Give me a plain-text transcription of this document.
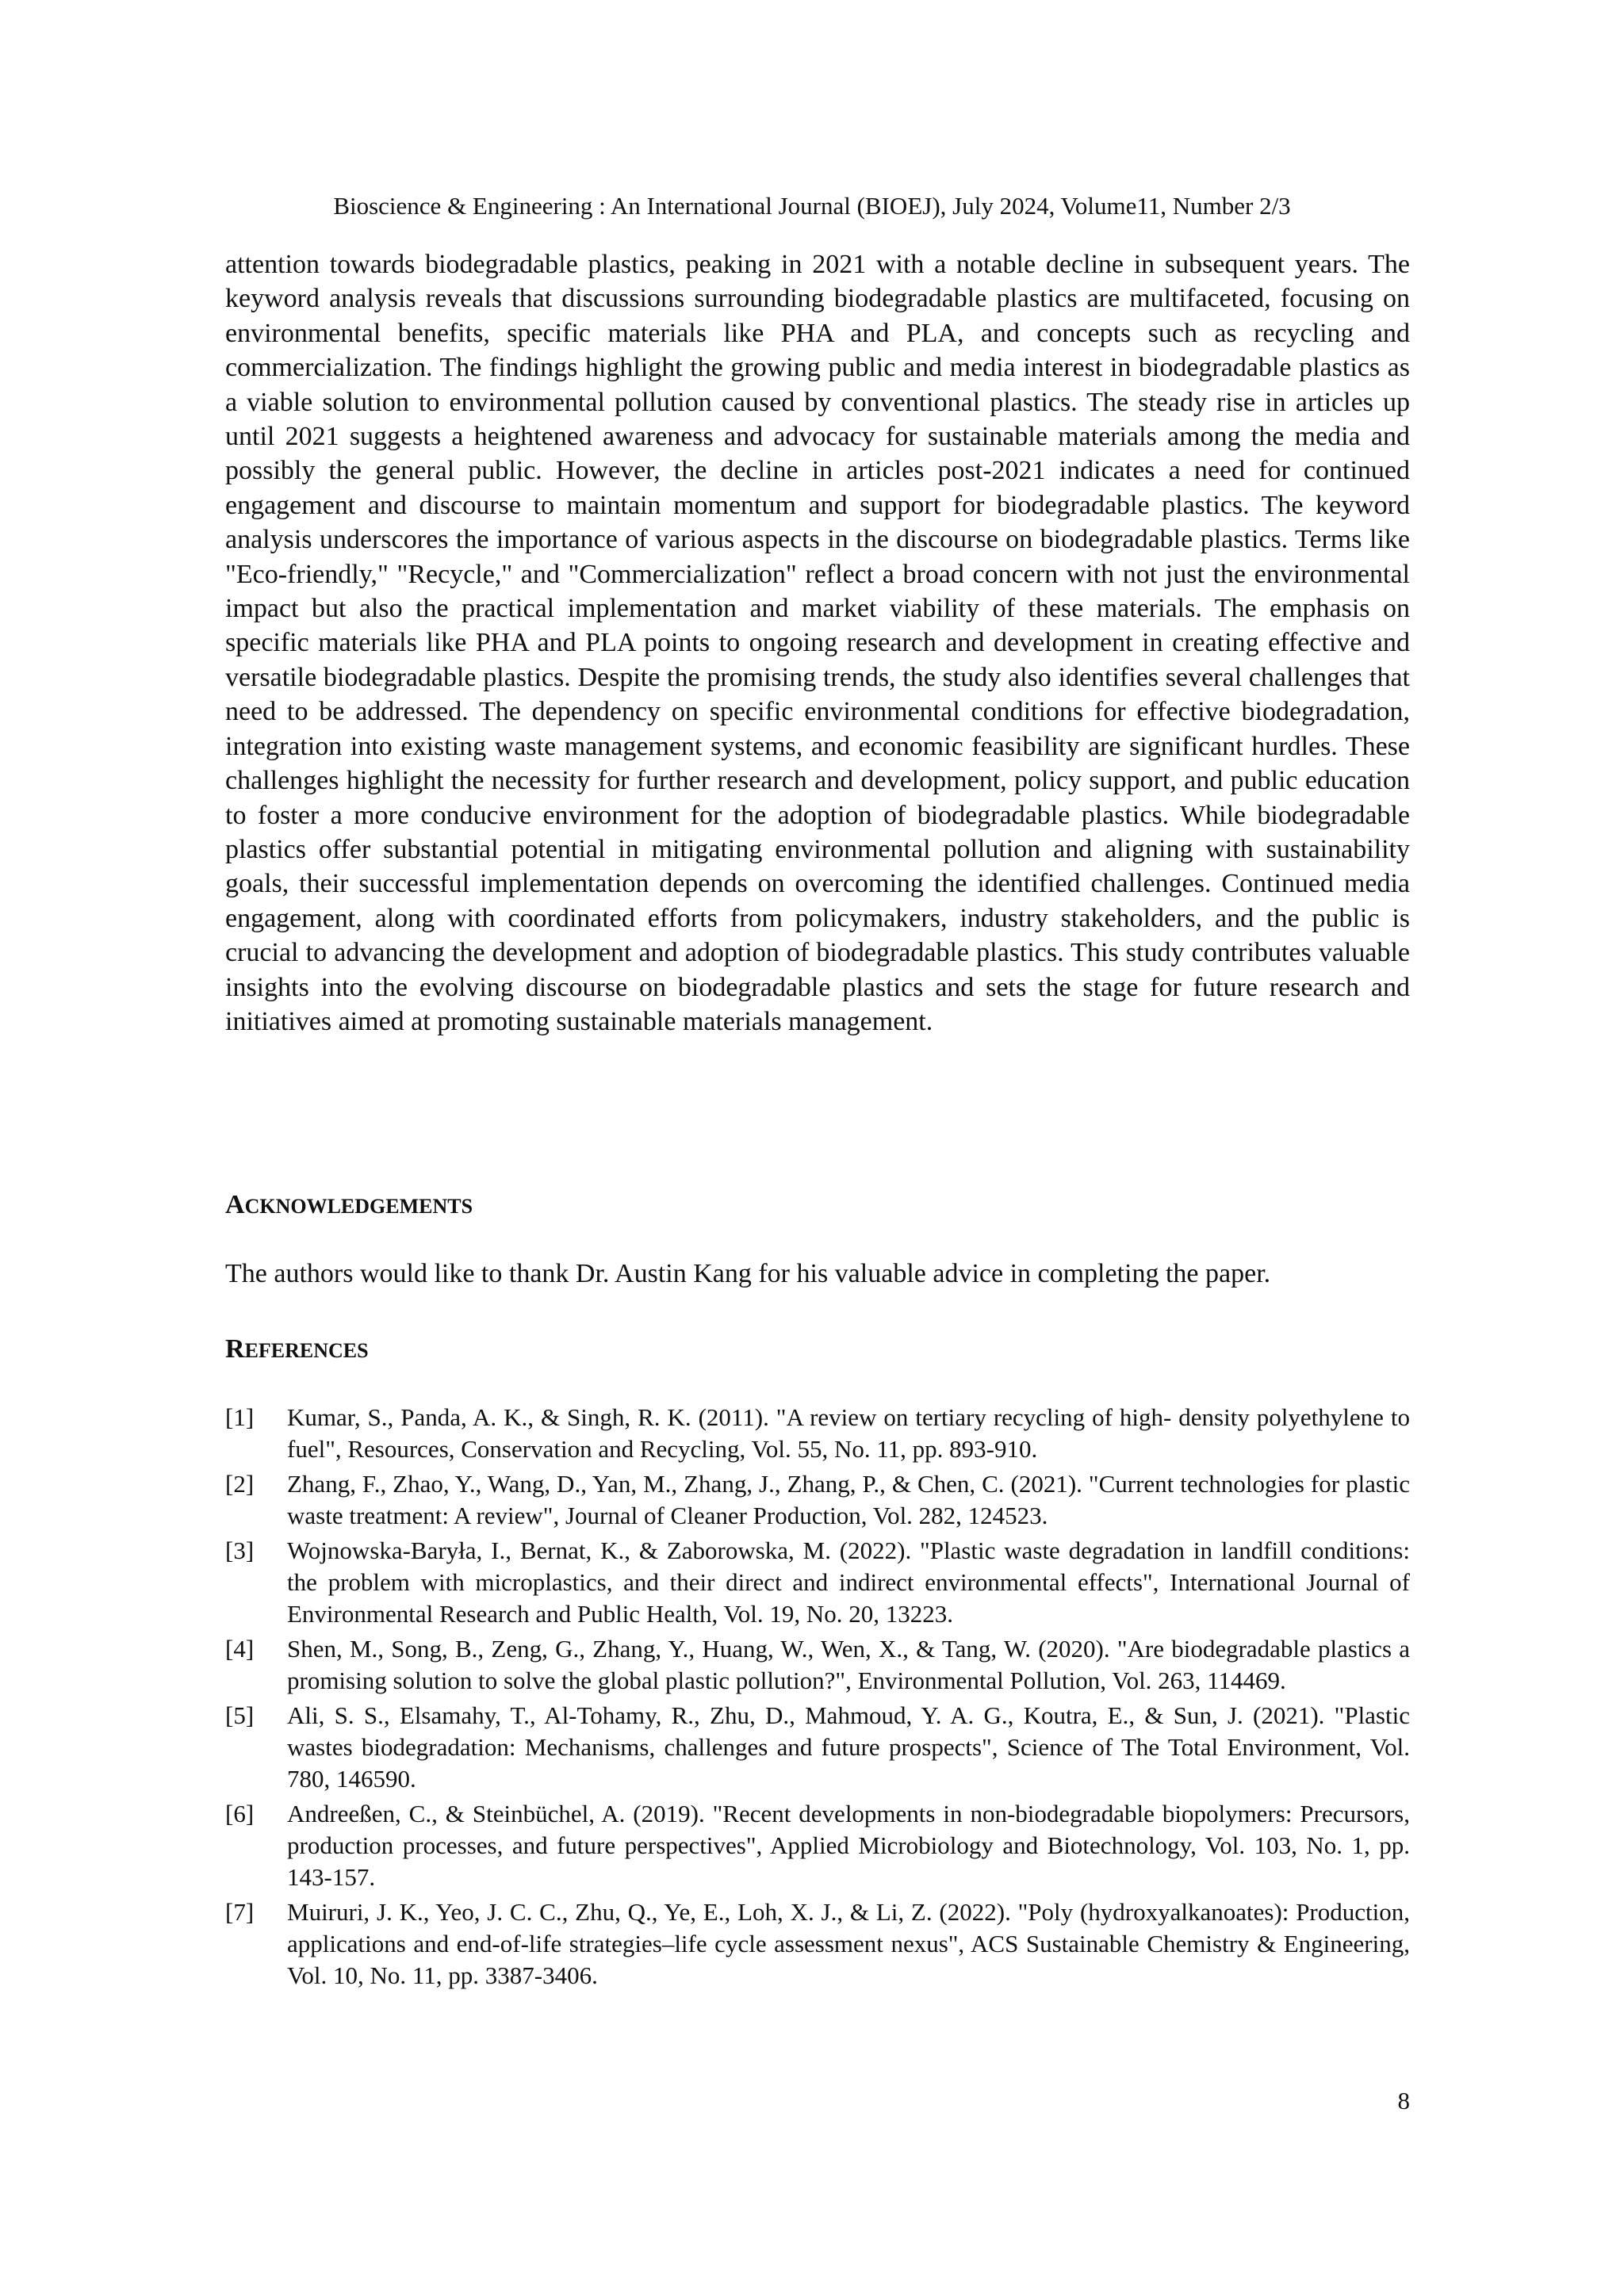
Bioscience & Engineering : An International Journal (BIOEJ), July 2024, Volume11, Number 2/3

attention towards biodegradable plastics, peaking in 2021 with a notable decline in subsequent years. The keyword analysis reveals that discussions surrounding biodegradable plastics are multifaceted, focusing on environmental benefits, specific materials like PHA and PLA, and concepts such as recycling and commercialization. The findings highlight the growing public and media interest in biodegradable plastics as a viable solution to environmental pollution caused by conventional plastics. The steady rise in articles up until 2021 suggests a heightened awareness and advocacy for sustainable materials among the media and possibly the general public. However, the decline in articles post-2021 indicates a need for continued engagement and discourse to maintain momentum and support for biodegradable plastics. The keyword analysis underscores the importance of various aspects in the discourse on biodegradable plastics. Terms like "Eco-friendly," "Recycle," and "Commercialization" reflect a broad concern with not just the environmental impact but also the practical implementation and market viability of these materials. The emphasis on specific materials like PHA and PLA points to ongoing research and development in creating effective and versatile biodegradable plastics. Despite the promising trends, the study also identifies several challenges that need to be addressed. The dependency on specific environmental conditions for effective biodegradation, integration into existing waste management systems, and economic feasibility are significant hurdles. These challenges highlight the necessity for further research and development, policy support, and public education to foster a more conducive environment for the adoption of biodegradable plastics. While biodegradable plastics offer substantial potential in mitigating environmental pollution and aligning with sustainability goals, their successful implementation depends on overcoming the identified challenges. Continued media engagement, along with coordinated efforts from policymakers, industry stakeholders, and the public is crucial to advancing the development and adoption of biodegradable plastics. This study contributes valuable insights into the evolving discourse on biodegradable plastics and sets the stage for future research and initiatives aimed at promoting sustainable materials management.

ACKNOWLEDGEMENTS

The authors would like to thank Dr. Austin Kang for his valuable advice in completing the paper.

REFERENCES
[1]	Kumar, S., Panda, A. K., & Singh, R. K. (2011). "A review on tertiary recycling of high- density polyethylene to fuel", Resources, Conservation and Recycling, Vol. 55, No. 11, pp. 893-910.
[2]	Zhang, F., Zhao, Y., Wang, D., Yan, M., Zhang, J., Zhang, P., & Chen, C. (2021). "Current technologies for plastic waste treatment: A review", Journal of Cleaner Production, Vol. 282, 124523.
[3]	Wojnowska-Baryła, I., Bernat, K., & Zaborowska, M. (2022). "Plastic waste degradation in landfill conditions: the problem with microplastics, and their direct and indirect environmental effects", International Journal of Environmental Research and Public Health, Vol. 19, No. 20, 13223.
[4]	Shen, M., Song, B., Zeng, G., Zhang, Y., Huang, W., Wen, X., & Tang, W. (2020). "Are biodegradable plastics a promising solution to solve the global plastic pollution?", Environmental Pollution, Vol. 263, 114469.
[5]	Ali, S. S., Elsamahy, T., Al-Tohamy, R., Zhu, D., Mahmoud, Y. A. G., Koutra, E., & Sun, J. (2021). "Plastic wastes biodegradation: Mechanisms, challenges and future prospects", Science of The Total Environment, Vol. 780, 146590.
[6]	Andreeßen, C., & Steinbüchel, A. (2019). "Recent developments in non-biodegradable biopolymers: Precursors, production processes, and future perspectives", Applied Microbiology and Biotechnology, Vol. 103, No. 1, pp. 143-157.
[7]	Muiruri, J. K., Yeo, J. C. C., Zhu, Q., Ye, E., Loh, X. J., & Li, Z. (2022). "Poly (hydroxyalkanoates): Production, applications and end-of-life strategies–life cycle assessment nexus", ACS Sustainable Chemistry & Engineering, Vol. 10, No. 11, pp. 3387-3406.
8
